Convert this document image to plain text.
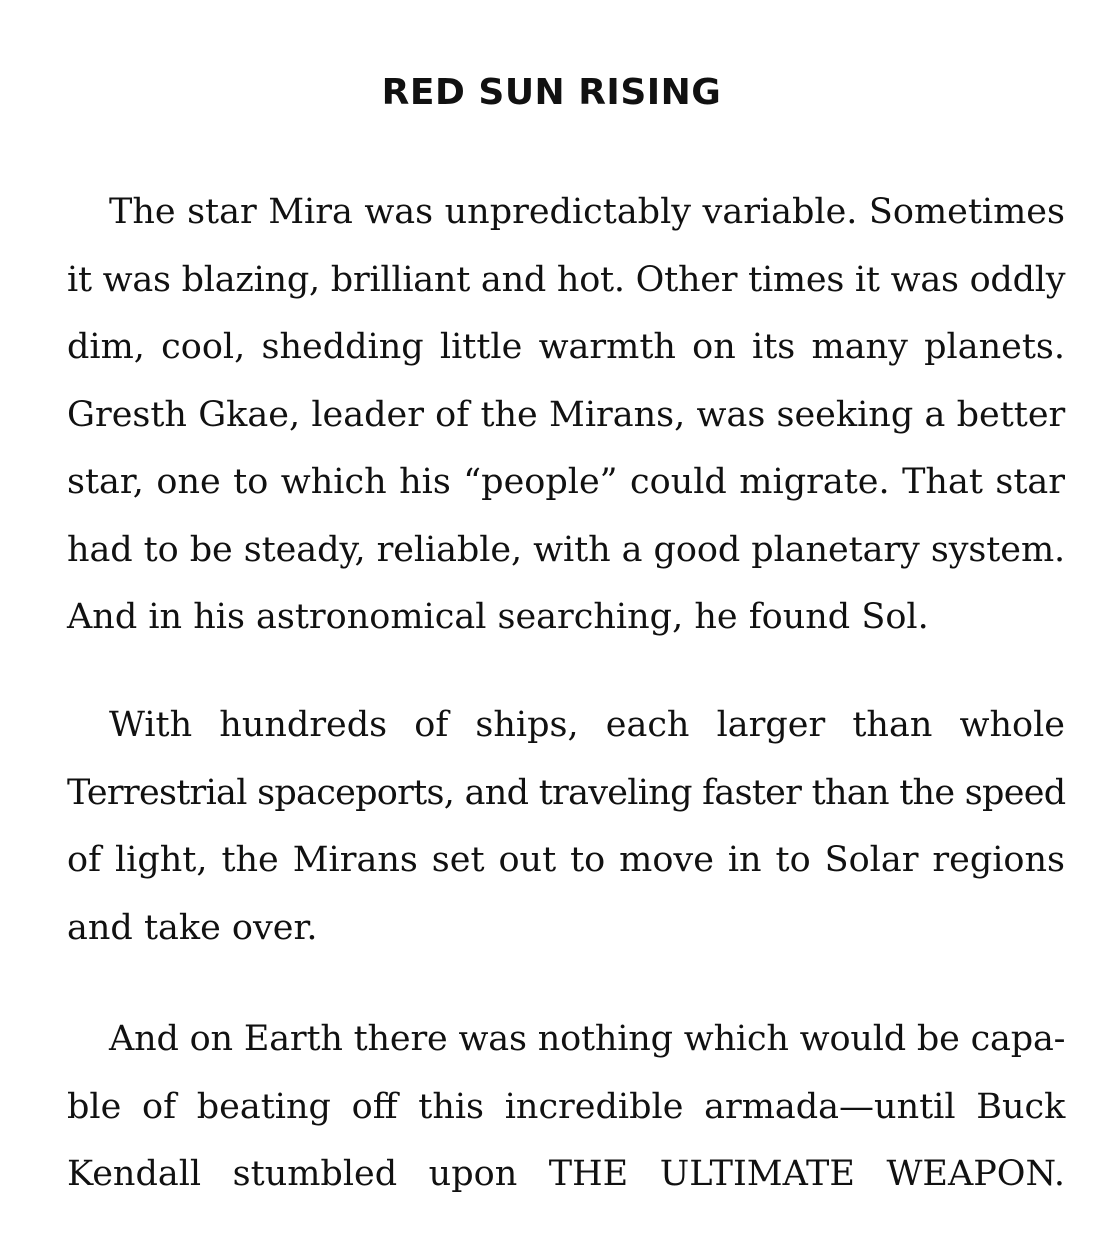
RED SUN RISING

The star Mira was unpredictably variable. Sometimes
it was blazing, brilliant and hot. Other times it was oddly
dim, cool, shedding little warmth on its many planets.
Gresth Gkae, leader of the Mirans, was seeking a better
star, one to which his “people” could migrate. That star
had to be steady, reliable, with a good planetary system.
And in his astronomical searching, he found Sol.

With hundreds of ships, each larger than whole
Terrestrial spaceports, and traveling faster than the speed
of light, the Mirans set out to move in to Solar regions
and take over.

And on Earth there was nothing which would be capa-
ble of beating off this incredible armada—until Buck
Kendall stumbled upon THE ULTIMATE WEAPON.
